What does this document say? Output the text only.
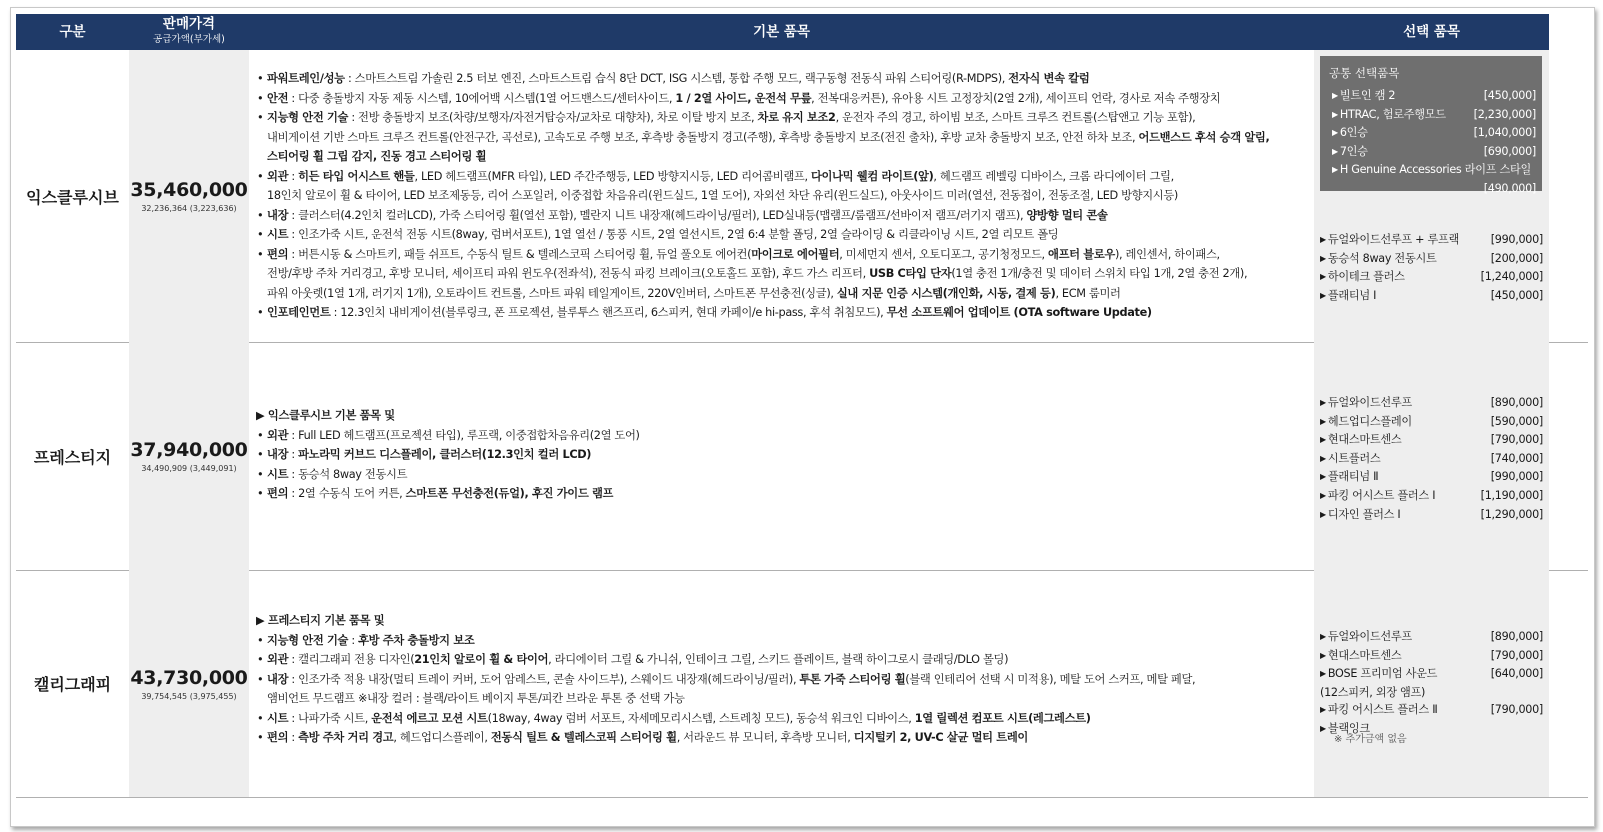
구분	판매가격
공급가액(부가세)	기본 품목	선택 품목
익스클루시브 35,460,000
32,236,364 (3,223,636)
• 파워트레인/성능 : 스마트스트림 가솔린 2.5 터보 엔진, 스마트스트림 습식 8단 DCT, ISG 시스템, 통합 주행 모드, 랙구동형 전동식 파워 스티어링(R-MDPS), 전자식 변속 칼럼
• 안전 : 다중 충돌방지 자동 제동 시스템, 10에어백 시스템(1열 어드밴스드/센터사이드, 1 / 2열 사이드, 운전석 무릎, 전복대응커튼), 유아용 시트 고정장치(2열 2개), 세이프티 언락, 경사로 저속 주행장치
• 지능형 안전 기술 : 전방 충돌방지 보조(차량/보행자/자전거탑승자/교차로 대향차), 차로 이탈 방지 보조, 차로 유지 보조2, 운전자 주의 경고, 하이빔 보조, 스마트 크루즈 컨트롤(스탑앤고 기능 포함),
내비게이션 기반 스마트 크루즈 컨트롤(안전구간, 곡선로), 고속도로 주행 보조, 후측방 충돌방지 경고(주행), 후측방 충돌방지 보조(전진 출차), 후방 교차 충돌방지 보조, 안전 하차 보조, 어드밴스드 후석 승객 알림,
스티어링 휠 그립 감지, 진동 경고 스티어링 휠
• 외관 : 히든 타입 어시스트 핸들, LED 헤드램프(MFR 타입), LED 주간주행등, LED 방향지시등, LED 리어콤비램프, 다이나믹 웰컴 라이트(앞), 헤드램프 레벨링 디바이스, 크롬 라디에이터 그릴,
18인치 알로이 휠 & 타이어, LED 보조제동등, 리어 스포일러, 이중접합 차음유리(윈드실드, 1열 도어), 자외선 차단 유리(윈드실드), 아웃사이드 미러(열선, 전동접이, 전동조절, LED 방향지시등)
• 내장 : 클러스터(4.2인치 컬러LCD), 가죽 스티어링 휠(열선 포함), 멜란지 니트 내장재(헤드라이닝/필러), LED실내등(맵램프/룸램프/선바이저 램프/러기지 램프), 양방향 멀티 콘솔
• 시트 : 인조가죽 시트, 운전석 전동 시트(8way, 럼버서포트), 1열 열선 / 통풍 시트, 2열 열선시트, 2열 6:4 분할 폴딩, 2열 슬라이딩 & 리클라이닝 시트, 2열 리모트 폴딩
• 편의 : 버튼시동 & 스마트키, 패들 쉬프트, 수동식 틸트 & 텔레스코픽 스티어링 휠, 듀얼 풀오토 에어컨(마이크로 에어필터, 미세먼지 센서, 오토디포그, 공기청정모드, 애프터 블로우), 레인센서, 하이패스,
전방/후방 주차 거리경고, 후방 모니터, 세이프티 파워 윈도우(전좌석), 전동식 파킹 브레이크(오토홀드 포함), 후드 가스 리프터, USB C타입 단자(1열 충전 1개/충전 및 데이터 스위치 타입 1개, 2열 충전 2개),
파워 아웃렛(1열 1개, 러기지 1개), 오토라이트 컨트롤, 스마트 파워 테일게이트, 220V인버터, 스마트폰 무선충전(싱글), 실내 지문 인증 시스템(개인화, 시동, 결제 등), ECM 룸미러
• 인포테인먼트 : 12.3인치 내비게이션(블루링크, 폰 프로젝션, 블루투스 핸즈프리, 6스피커, 현대 카페이/e hi-pass, 후석 취침모드), 무선 소프트웨어 업데이트 (OTA software Update)
공통 선택품목
▶ 빌트인 캠 2	[450,000]
▶ HTRAC, 험로주행모드 [2,230,000]
▶ 6인승	[1,040,000]
▶ 7인승	[690,000]
▶ H Genuine Accessories 라이프 스타일
[490,000]
▶ 듀얼와이드선루프 + 루프랙	[990,000]
▶ 동승석 8way 전동시트	[200,000]
▶ 하이테크 플러스	[1,240,000]
▶ 플래티넘 Ⅰ	[450,000]
프레스티지	37,940,000
34,490,909 (3,449,091)
▶ 익스클루시브 기본 품목 및
• 외관 : Full LED 헤드램프(프로젝션 타입), 루프랙, 이중접합차음유리(2열 도어)
• 내장 : 파노라믹 커브드 디스플레이, 클러스터(12.3인치 컬러 LCD)
• 시트 : 동승석 8way 전동시트
• 편의 : 2열 수동식 도어 커튼, 스마트폰 무선충전(듀얼), 후진 가이드 램프
▶ 듀얼와이드선루프	[890,000]
▶ 헤드업디스플레이	[590,000]
▶ 현대스마트센스	[790,000]
▶ 시트플러스	[740,000]
▶ 플래티넘 Ⅱ	[990,000]
▶ 파킹 어시스트 플러스 Ⅰ	[1,190,000]
▶ 디자인 플러스 Ⅰ	[1,290,000]
캘리그래피	43,730,000
39,754,545 (3,975,455)
▶ 프레스티지 기본 품목 및
• 지능형 안전 기술 : 후방 주차 충돌방지 보조
• 외관 : 캘리그래피 전용 디자인(21인치 알로이 휠 & 타이어, 라디에이터 그릴 & 가니쉬, 인테이크 그릴, 스키드 플레이트, 블랙 하이그로시 클래딩/DLO 몰딩)
• 내장 : 인조가죽 적용 내장(멀티 트레이 커버, 도어 암레스트, 콘솔 사이드부), 스웨이드 내장재(헤드라이닝/필러), 투톤 가죽 스티어링 휠(블랙 인테리어 선택 시 미적용), 메탈 도어 스커프, 메탈 페달,
앰비언트 무드램프 ※내장 컬러 : 블랙/라이트 베이지 투톤/피칸 브라운 투톤 중 선택 가능
• 시트 : 나파가죽 시트, 운전석 에르고 모션 시트(18way, 4way 럼버 서포트, 자세메모리시스템, 스트레칭 모드), 동승석 워크인 디바이스, 1열 릴렉션 컴포트 시트(레그레스트)
• 편의 : 측방 주차 거리 경고, 헤드업디스플레이, 전동식 틸트 & 텔레스코픽 스티어링 휠, 서라운드 뷰 모니터, 후측방 모니터, 디지털키 2, UV-C 살균 멀티 트레이
▶ 듀얼와이드선루프	[890,000]
▶ 현대스마트센스	[790,000]
▶ BOSE 프리미엄 사운드 (12스피커, 외장 앰프)
[640,000]
▶ 파킹 어시스트 플러스 Ⅱ	[790,000]
▶ 블랙잉크
※ 추가금액 없음
